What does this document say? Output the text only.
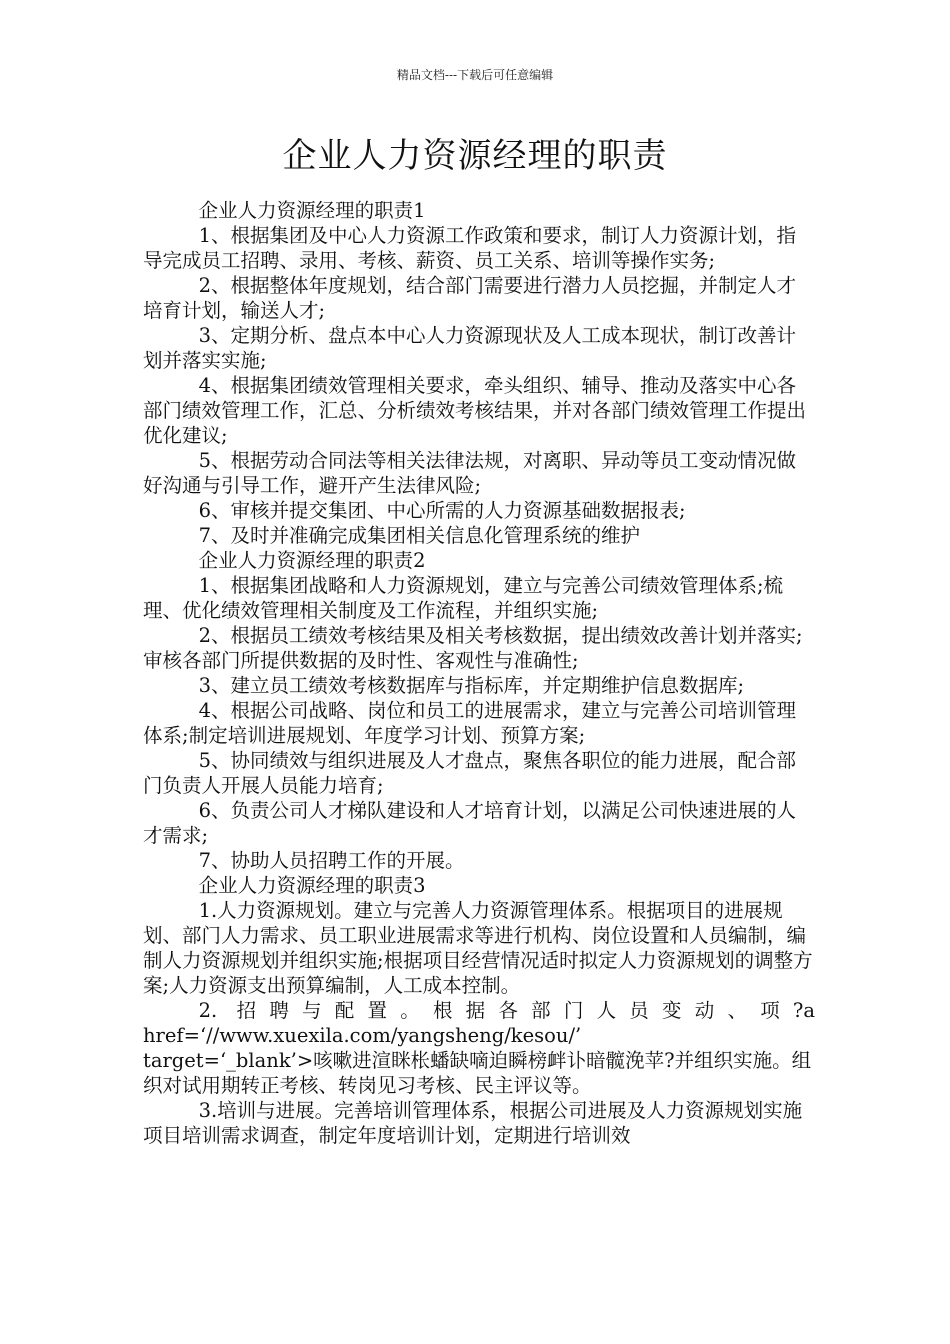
精品文档---下载后可任意编辑
企业人力资源经理的职责

企业人力资源经理的职责1

1、根据集团及中心人力资源工作政策和要求，制订人力资源计划，指导完成员工招聘、录用、考核、薪资、员工关系、培训等操作实务;

2、根据整体年度规划，结合部门需要进行潜力人员挖掘，并制定人才培育计划，输送人才;

3、定期分析、盘点本中心人力资源现状及人工成本现状，制订改善计划并落实实施;

4、根据集团绩效管理相关要求，牵头组织、辅导、推动及落实中心各部门绩效管理工作，汇总、分析绩效考核结果，并对各部门绩效管理工作提出优化建议;

5、根据劳动合同法等相关法律法规，对离职、异动等员工变动情况做好沟通与引导工作，避开产生法律风险;

6、审核并提交集团、中心所需的人力资源基础数据报表;

7、及时并准确完成集团相关信息化管理系统的维护

企业人力资源经理的职责2

1、根据集团战略和人力资源规划，建立与完善公司绩效管理体系;梳理、优化绩效管理相关制度及工作流程，并组织实施;

2、根据员工绩效考核结果及相关考核数据，提出绩效改善计划并落实; 审核各部门所提供数据的及时性、客观性与准确性;

3、建立员工绩效考核数据库与指标库，并定期维护信息数据库;

4、根据公司战略、岗位和员工的进展需求，建立与完善公司培训管理体系;制定培训进展规划、年度学习计划、预算方案;

5、协同绩效与组织进展及人才盘点，聚焦各职位的能力进展，配合部门负责人开展人员能力培育;

6、负责公司人才梯队建设和人才培育计划，以满足公司快速进展的人才需求;

7、协助人员招聘工作的开展。

企业人力资源经理的职责3

1.人力资源规划。建立与完善人力资源管理体系。根据项目的进展规划、部门人力需求、员工职业进展需求等进行机构、岗位设置和人员编制，编制人力资源规划并组织实施;根据项目经营情况适时拟定人力资源规划的调整方案;人力资源支出预算编制，人工成本控制。

2. 招聘与配置。根据各部门人员变动、项?a

href=‘//www.xuexila.com/yangsheng/kesou/’

target=‘_blank’>咳嗽进渲眯枨蟠缺嘀迫瞬榜衅讣暗髋浼苹?并组织实施。组织对试用期转正考核、转岗见习考核、民主评议等。

3.培训与进展。完善培训管理体系，根据公司进展及人力资源规划实施项目培训需求调查，制定年度培训计划，定期进行培训效
